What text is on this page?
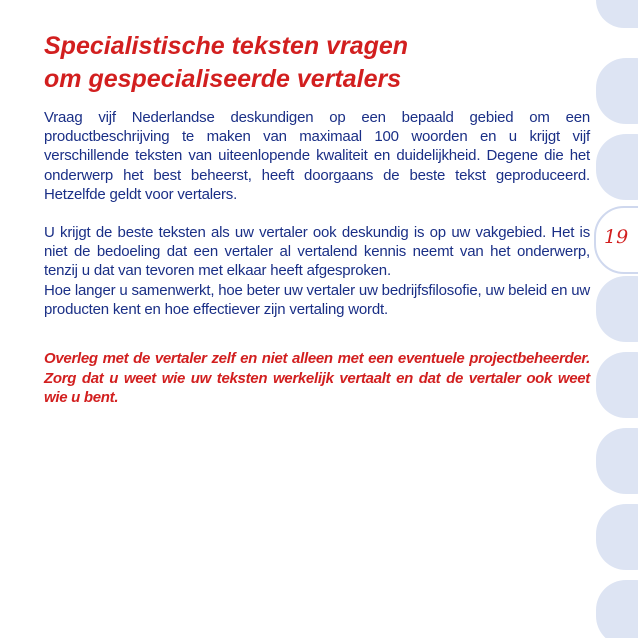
19
Specialistische teksten vragen
om gespecialiseerde vertalers

Vraag vijf Nederlandse deskundigen op een bepaald gebied om een productbeschrijving te maken van maximaal 100 woorden en u krijgt vijf verschillende teksten van uiteenlopende kwaliteit en duidelijkheid. Degene die het onderwerp het best beheerst, heeft doorgaans de beste tekst geproduceerd. Hetzelfde geldt voor vertalers.

U krijgt de beste teksten als uw vertaler ook deskundig is op uw vakgebied. Het is niet de bedoeling dat een vertaler al vertalend kennis neemt van het onderwerp, tenzij u dat van tevoren met elkaar heeft afgesproken.

Hoe langer u samenwerkt, hoe beter uw vertaler uw bedrijfsfilosofie, uw beleid en uw producten kent en hoe effectiever zijn vertaling wordt.

Overleg met de vertaler zelf en niet alleen met een eventuele projectbeheerder. Zorg dat u weet wie uw teksten werkelijk vertaalt en dat de vertaler ook weet wie u bent.
